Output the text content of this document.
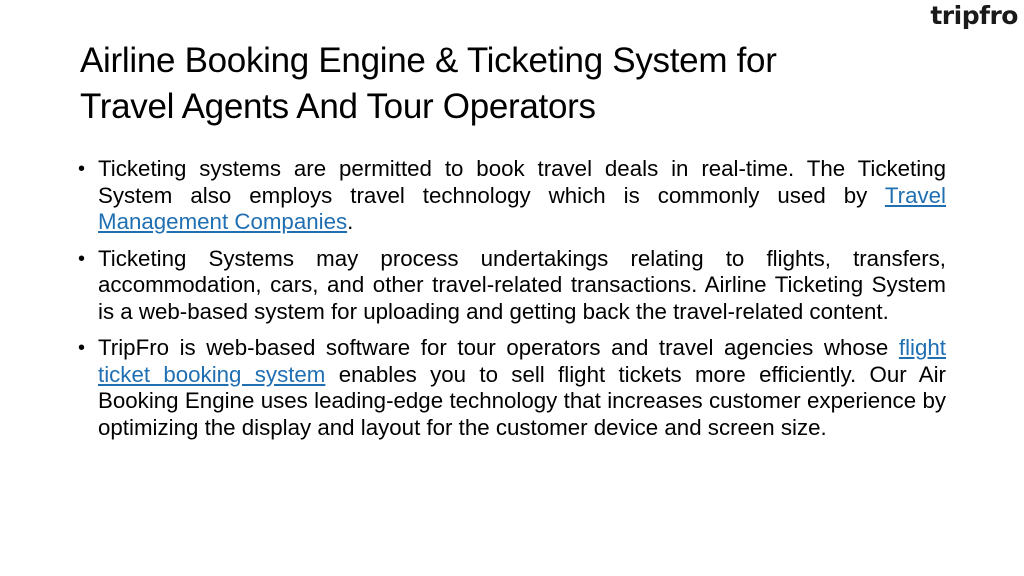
tripfro
Airline Booking Engine & Ticketing System for
Travel Agents And Tour Operators
• Ticketing systems are permitted to book travel deals in real-time. The Ticketing System also employs travel technology which is commonly used by Travel Management Companies.
• Ticketing Systems may process undertakings relating to flights, transfers, accommodation, cars, and other travel-related transactions. Airline Ticketing System is a web-based system for uploading and getting back the travel-related content.
• TripFro is web-based software for tour operators and travel agencies whose flight ticket booking system enables you to sell flight tickets more efficiently. Our Air Booking Engine uses leading-edge technology that increases customer experience by optimizing the display and layout for the customer device and screen size.
